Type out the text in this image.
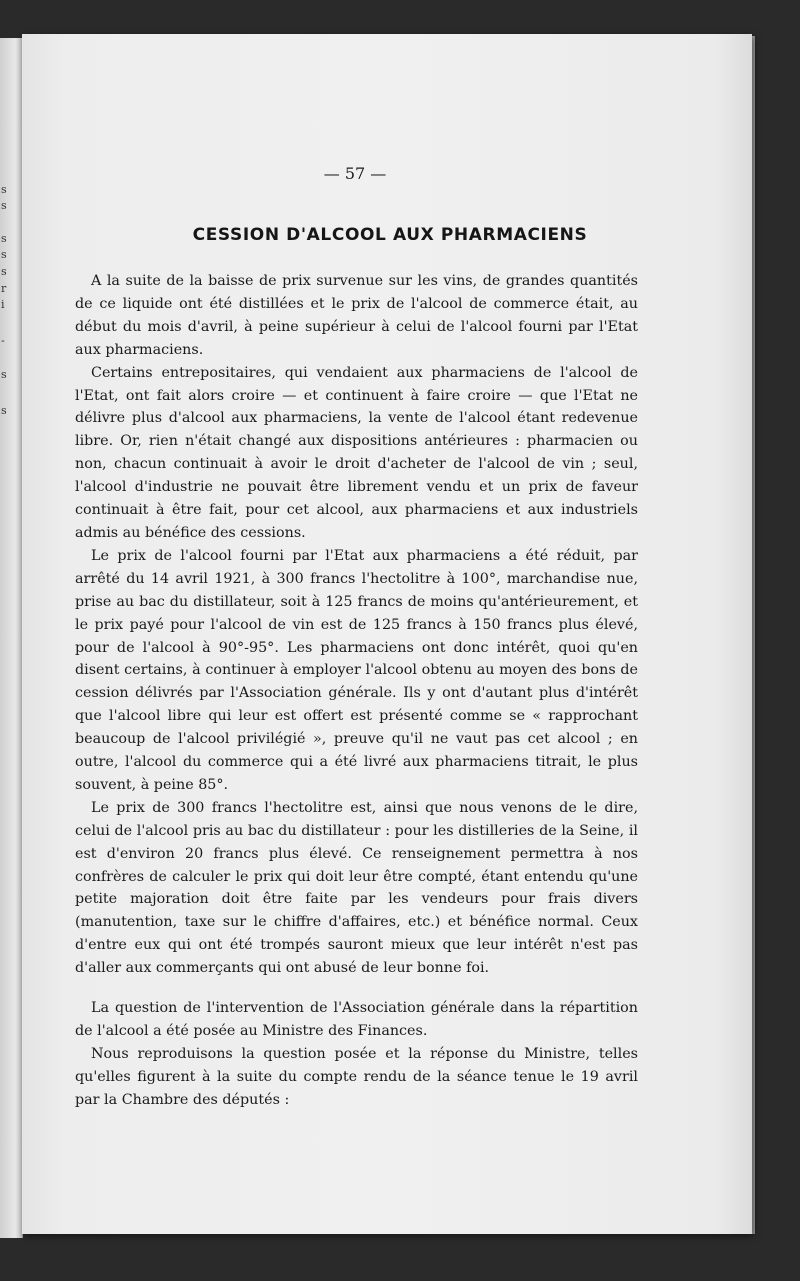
s
s
s
s
s
r
i
-
s
s
— 57 —
CESSION D'ALCOOL AUX PHARMACIENS

A la suite de la baisse de prix survenue sur les vins, de grandes quantités de ce liquide ont été distillées et le prix de l'alcool de commerce était, au début du mois d'avril, à peine supérieur à celui de l'alcool fourni par l'Etat aux pharmaciens.

Certains entrepositaires, qui vendaient aux pharmaciens de l'alcool de l'Etat, ont fait alors croire — et continuent à faire croire — que l'Etat ne délivre plus d'alcool aux pharmaciens, la vente de l'alcool étant redevenue libre. Or, rien n'était changé aux dispositions antérieures : pharmacien ou non, chacun continuait à avoir le droit d'acheter de l'alcool de vin ; seul, l'alcool d'industrie ne pouvait être librement vendu et un prix de faveur continuait à être fait, pour cet alcool, aux pharmaciens et aux industriels admis au bénéfice des cessions.

Le prix de l'alcool fourni par l'Etat aux pharmaciens a été réduit, par arrêté du 14 avril 1921, à 300 francs l'hectolitre à 100°, marchandise nue, prise au bac du distillateur, soit à 125 francs de moins qu'antérieurement, et le prix payé pour l'alcool de vin est de 125 francs à 150 francs plus élevé, pour de l'alcool à 90°-95°. Les pharmaciens ont donc intérêt, quoi qu'en disent certains, à continuer à employer l'alcool obtenu au moyen des bons de cession délivrés par l'Association générale. Ils y ont d'autant plus d'intérêt que l'alcool libre qui leur est offert est présenté comme se « rapprochant beaucoup de l'alcool privilégié », preuve qu'il ne vaut pas cet alcool ; en outre, l'alcool du commerce qui a été livré aux pharmaciens titrait, le plus souvent, à peine 85°.

Le prix de 300 francs l'hectolitre est, ainsi que nous venons de le dire, celui de l'alcool pris au bac du distillateur : pour les distilleries de la Seine, il est d'environ 20 francs plus élevé. Ce renseignement permettra à nos confrères de calculer le prix qui doit leur être compté, étant entendu qu'une petite majoration doit être faite par les vendeurs pour frais divers (manutention, taxe sur le chiffre d'affaires, etc.) et bénéfice normal. Ceux d'entre eux qui ont été trompés sauront mieux que leur intérêt n'est pas d'aller aux commerçants qui ont abusé de leur bonne foi.

La question de l'intervention de l'Association générale dans la répartition de l'alcool a été posée au Ministre des Finances.

Nous reproduisons la question posée et la réponse du Ministre, telles qu'elles figurent à la suite du compte rendu de la séance tenue le 19 avril par la Chambre des députés :
